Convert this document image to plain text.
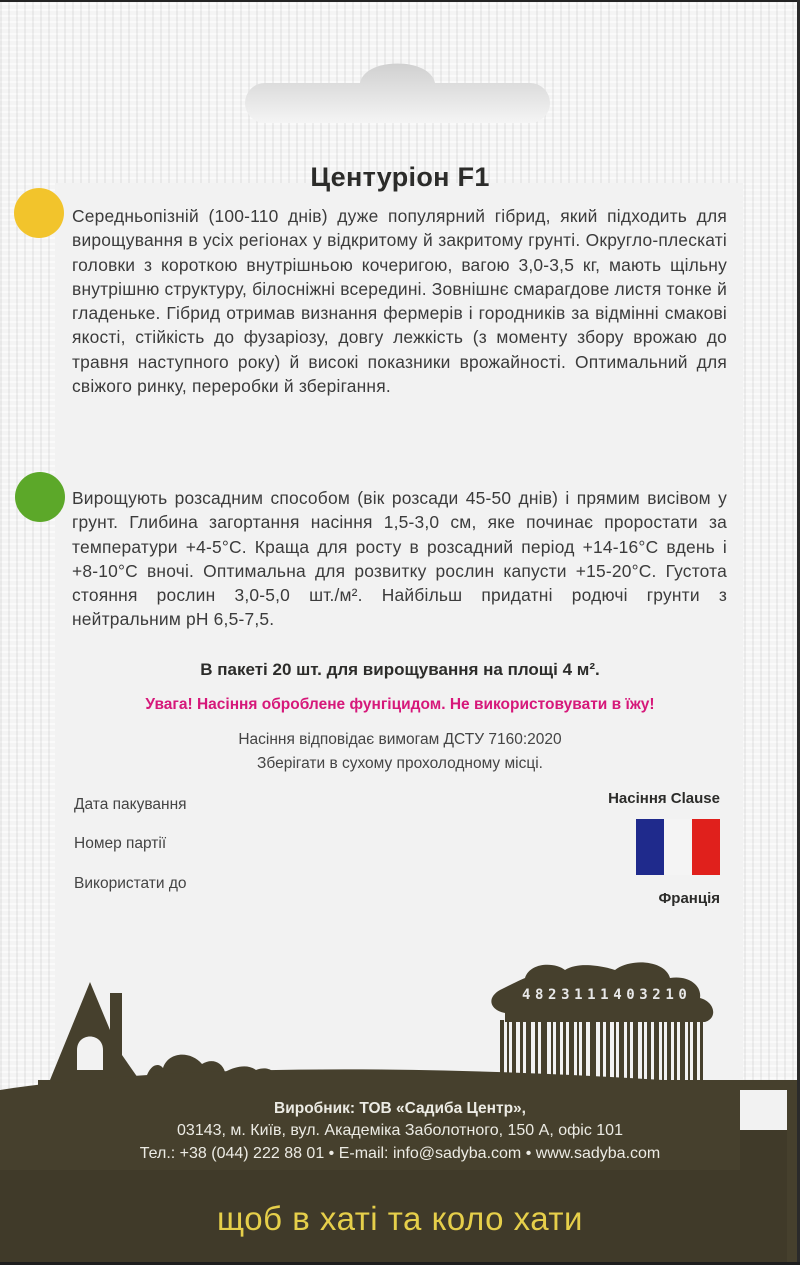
Центуріон F1
Середньопізній (100-110 днів) дуже популярний гібрид, який підходить для вирощування в усіх регіонах у відкритому й закритому грунті. Округло-плескаті головки з короткою внутрішньою кочеригою, вагою 3,0-3,5 кг, мають щільну внутрішню структуру, білосніжні всередині. Зовнішнє смарагдове листя тонке й гладеньке. Гібрид отримав визнання фермерів і городників за відмінні смакові якості, стійкість до фузаріозу, довгу лежкість (з моменту збору врожаю до травня наступного року) й високі показники врожайності. Оптимальний для свіжого ринку, переробки й зберігання.
Вирощують розсадним способом (вік розсади 45-50 днів) і прямим висівом у грунт. Глибина загортання насіння 1,5-3,0 см, яке починає проростати за температури +4-5°C. Краща для росту в розсадний період +14-16°C вдень і +8-10°C вночі. Оптимальна для розвитку рослин капусти +15-20°C. Густота стояння рослин 3,0-5,0 шт./м². Найбільш придатні родючі грунти з нейтральним pH 6,5-7,5.
В пакеті 20 шт. для вирощування на площі 4 м².
Увага! Насіння оброблене фунгіцидом. Не використовувати в їжу!
Насіння відповідає вимогам ДСТУ 7160:2020
Зберігати в сухому прохолодному місці.
Дата пакування
Номер партії
Використати до
Насіння Clause
Франція
4823111403210
Виробник: ТОВ «Садиба Центр»,
03143, м. Київ, вул. Академіка Заболотного, 150 А, офіс 101
Тел.: +38 (044) 222 88 01 • E-mail: info@sadyba.com • www.sadyba.com
щоб в хаті та коло хати
